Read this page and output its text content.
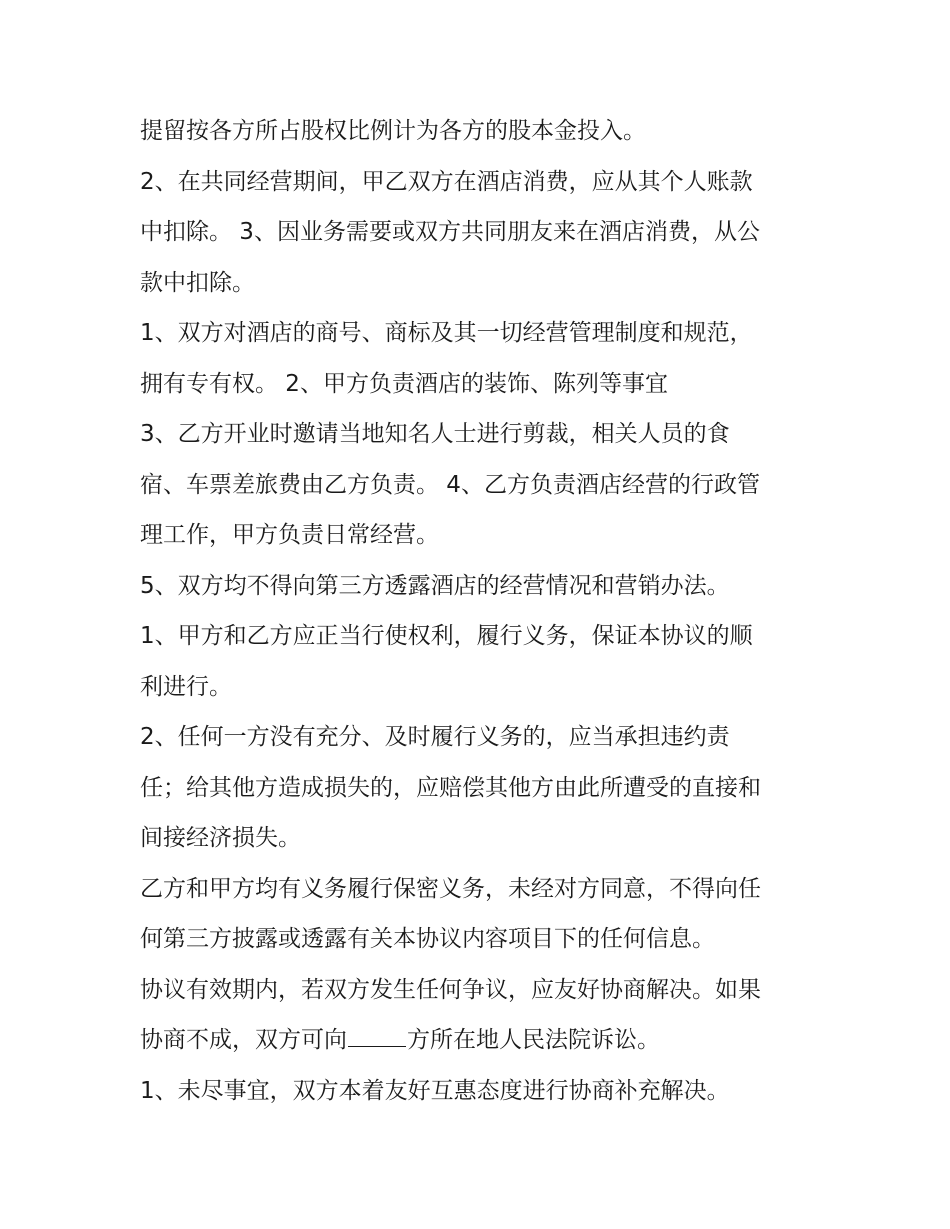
提留按各方所占股权比例计为各方的股本金投入。
2、在共同经营期间，甲乙双方在酒店消费，应从其个人账款
中扣除。 3、因业务需要或双方共同朋友来在酒店消费，从公
款中扣除。
1、双方对酒店的商号、商标及其一切经营管理制度和规范，
拥有专有权。 2、甲方负责酒店的装饰、陈列等事宜
3、乙方开业时邀请当地知名人士进行剪裁，相关人员的食
宿、车票差旅费由乙方负责。 4、乙方负责酒店经营的行政管
理工作，甲方负责日常经营。
5、双方均不得向第三方透露酒店的经营情况和营销办法。
1、甲方和乙方应正当行使权利，履行义务，保证本协议的顺
利进行。
2、任何一方没有充分、及时履行义务的，应当承担违约责
任；给其他方造成损失的，应赔偿其他方由此所遭受的直接和
间接经济损失。
乙方和甲方均有义务履行保密义务，未经对方同意，不得向任
何第三方披露或透露有关本协议内容项目下的任何信息。
协议有效期内，若双方发生任何争议，应友好协商解决。如果
协商不成，双方可向	方所在地人民法院诉讼。
1、未尽事宜，双方本着友好互惠态度进行协商补充解决。
